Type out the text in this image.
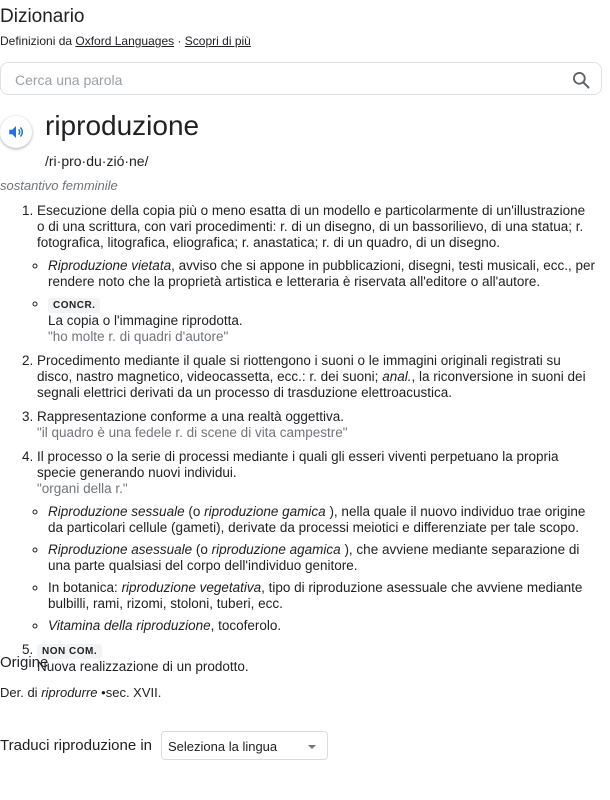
Dizionario
Definizioni da Oxford Languages · Scopri di più
Cerca una parola
riproduzione
/ri·pro·du·zió·ne/
sostantivo femminile
1. Esecuzione della copia più o meno esatta di un modello e particolarmente di un'illustrazione o di una scrittura, con vari procedimenti: r. di un disegno, di un bassorilievo, di una statua; r. fotografica, litografica, eliografica; r. anastatica; r. di un quadro, di un disegno.
◦ Riproduzione vietata, avviso che si appone in pubblicazioni, disegni, testi musicali, ecc., per rendere noto che la proprietà artistica e letteraria è riservata all'editore o all'autore.
◦ CONCR.
La copia o l'immagine riprodotta.
"ho molte r. di quadri d'autore"
2. Procedimento mediante il quale si riottengono i suoni o le immagini originali registrati su disco, nastro magnetico, videocassetta, ecc.: r. dei suoni; anal., la riconversione in suoni dei segnali elettrici derivati da un processo di trasduzione elettroacustica.
3. Rappresentazione conforme a una realtà oggettiva.
"il quadro è una fedele r. di scene di vita campestre"
4. Il processo o la serie di processi mediante i quali gli esseri viventi perpetuano la propria specie generando nuovi individui.
"organi della r."
◦ Riproduzione sessuale (o riproduzione gamica ), nella quale il nuovo individuo trae origine da particolari cellule (gameti), derivate da processi meiotici e differenziate per tale scopo.
◦ Riproduzione asessuale (o riproduzione agamica ), che avviene mediante separazione di una parte qualsiasi del corpo dell'individuo genitore.
◦ In botanica: riproduzione vegetativa, tipo di riproduzione asessuale che avviene mediante bulbilli, rami, rizomi, stoloni, tuberi, ecc.
◦ Vitamina della riproduzione, tocoferolo.
5. NON COM.
Nuova realizzazione di un prodotto.
Origine
Der. di riprodurre •sec. XVII.
Traduci riproduzione in Seleziona la lingua
